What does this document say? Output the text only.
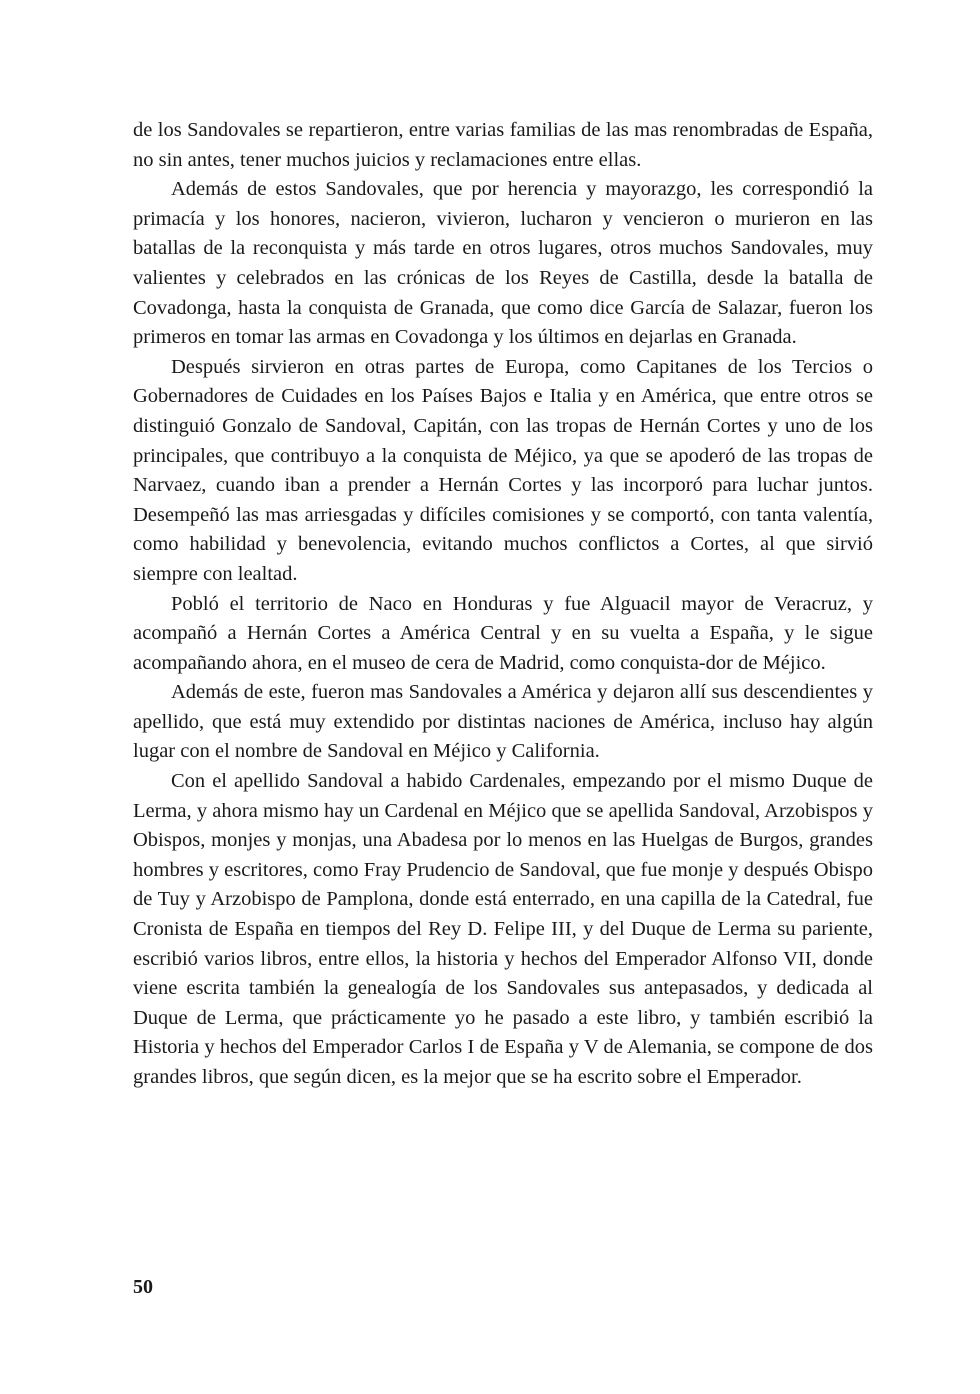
de los Sandovales se repartieron, entre varias familias de las mas renombradas de España, no sin antes, tener muchos juicios y reclamaciones entre ellas.

Además de estos Sandovales, que por herencia y mayorazgo, les correspondió la primacía y los honores, nacieron, vivieron, lucharon y vencieron o murieron en las batallas de la reconquista y más tarde en otros lugares, otros muchos Sandovales, muy valientes y celebrados en las crónicas de los Reyes de Castilla, desde la batalla de Covadonga, hasta la conquista de Granada, que como dice García de Salazar, fueron los primeros en tomar las armas en Covadonga y los últimos en dejarlas en Granada.

Después sirvieron en otras partes de Europa, como Capitanes de los Tercios o Gobernadores de Cuidades en los Países Bajos e Italia y en América, que entre otros se distinguió Gonzalo de Sandoval, Capitán, con las tropas de Hernán Cortes y uno de los principales, que contribuyo a la conquista de Méjico, ya que se apoderó de las tropas de Narvaez, cuando iban a prender a Hernán Cortes y las incorporó para luchar juntos. Desempeñó las mas arriesgadas y difíciles comisiones y se comportó, con tanta valentía, como habilidad y benevolencia, evitando muchos conflictos a Cortes, al que sirvió siempre con lealtad.

Pobló el territorio de Naco en Honduras y fue Alguacil mayor de Veracruz, y acompañó a Hernán Cortes a América Central y en su vuelta a España, y le sigue acompañando ahora, en el museo de cera de Madrid, como conquista-dor de Méjico.

Además de este, fueron mas Sandovales a América y dejaron allí sus descendientes y apellido, que está muy extendido por distintas naciones de América, incluso hay algún lugar con el nombre de Sandoval en Méjico y California.

Con el apellido Sandoval a habido Cardenales, empezando por el mismo Duque de Lerma, y ahora mismo hay un Cardenal en Méjico que se apellida Sandoval, Arzobispos y Obispos, monjes y monjas, una Abadesa por lo menos en las Huelgas de Burgos, grandes hombres y escritores, como Fray Prudencio de Sandoval, que fue monje y después Obispo de Tuy y Arzobispo de Pamplona, donde está enterrado, en una capilla de la Catedral, fue Cronista de España en tiempos del Rey D. Felipe III, y del Duque de Lerma su pariente, escribió varios libros, entre ellos, la historia y hechos del Emperador Alfonso VII, donde viene escrita también la genealogía de los Sandovales sus antepasados, y dedicada al Duque de Lerma, que prácticamente yo he pasado a este libro, y también escribió la Historia y hechos del Emperador Carlos I de España y V de Alemania, se compone de dos grandes libros, que según dicen, es la mejor que se ha escrito sobre el Emperador.

50
